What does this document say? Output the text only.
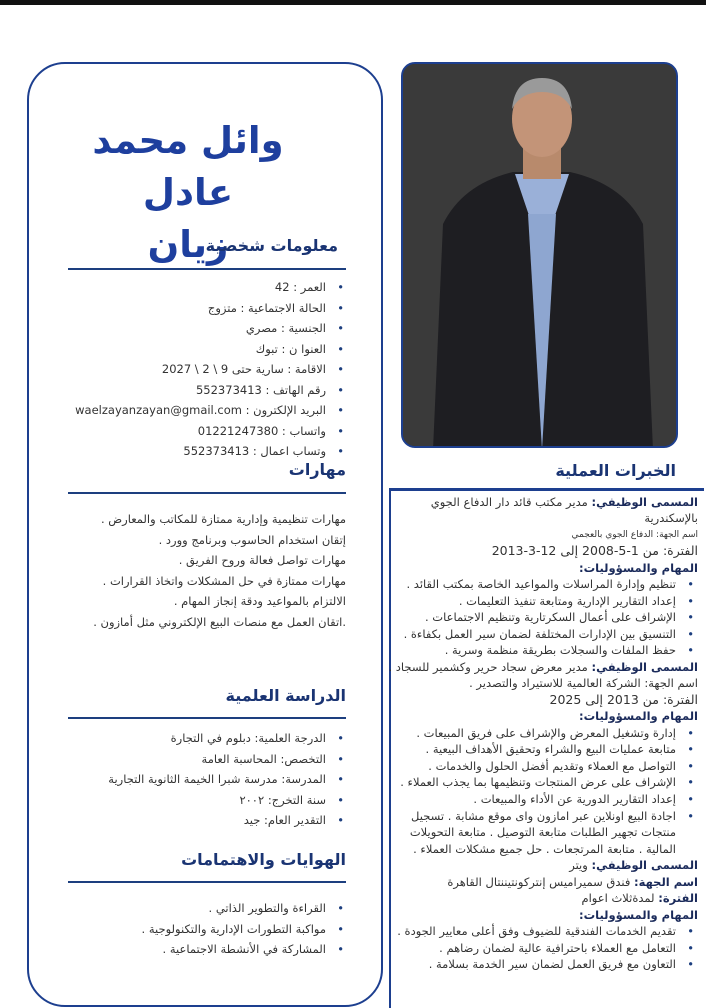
وائل محمد عادل
زيان
معلومات شخصية
• العمر : 42
• الحالة الاجتماعية : متزوج
• الجنسية : مصري
• العنوا ن : تبوك
• الاقامة : سارية حتى 9 \ 2 \ 2027
• رقم الهاتف : 552373413
• البريد الإلكترون : waelzayanzayan@gmail.com
• واتساب : 01221247380
• وتساب اعمال : 552373413
مهارات
• مهارات تنظيمية وإدارية ممتازة للمكاتب والمعارض .
• إتقان استخدام الحاسوب وبرنامج وورد .
• مهارات تواصل فعالة وروح الفريق .
• مهارات ممتازة في حل المشكلات واتخاذ القرارات .
• الالتزام بالمواعيد ودقة إنجاز المهام .
• .اتقان العمل مع منصات البيع الإلكتروني مثل أمازون .
الدراسة العلمية
• الدرجة العلمية: دبلوم في التجارة
• التخصص: المحاسبة العامة
• المدرسة: مدرسة شبرا الخيمة الثانوية التجارية
• سنة التخرج: ٢٠٠٢
• التقدير العام: جيد
الهوايات والاهتمامات
• القراءة والتطوير الذاتي .
• مواكبة التطورات الإدارية والتكنولوجية .
• المشاركة في الأنشطة الاجتماعية .
الخبرات العملية
المسمى الوظيفي: مدير مكتب قائد دار الدفاع الجوي بالإسكندرية
اسم الجهة: الدفاع الجوي بالعجمي
الفترة: من 1-5-2008 إلى 12-3-2013
المهام والمسؤوليات:
• تنظيم وإدارة المراسلات والمواعيد الخاصة بمكتب القائد .
• إعداد التقارير الإدارية ومتابعة تنفيذ التعليمات .
• الإشراف على أعمال السكرتارية وتنظيم الاجتماعات .
• التنسيق بين الإدارات المختلفة لضمان سير العمل بكفاءة .
• حفظ الملفات والسجلات بطريقة منظمة وسرية .
المسمى الوظيفي: مدير معرض سجاد حرير وكشمير للسجاد .
اسم الجهة: الشركة العالمية للاستيراد والتصدير .
الفترة: من 2013 إلى 2025
المهام والمسؤوليات:
• إدارة وتشغيل المعرض والإشراف على فريق المبيعات .
• متابعة عمليات البيع والشراء وتحقيق الأهداف البيعية .
• التواصل مع العملاء وتقديم أفضل الحلول والخدمات .
• الإشراف على عرض المنتجات وتنظيمها بما يجذب العملاء .
• إعداد التقارير الدورية عن الأداء والمبيعات .
• اجادة البيع اونلاين عبر امازون واى موقع مشابة . تسجيل منتجات تجهير الطلبات متابعة التوصيل . متابعة التحويلات المالية . متابعة المرتجعات . حل جميع مشكلات العملاء .
المسمى الوظيفي: ويتر
اسم الجهة: فندق سميراميس إنتركونتيننتال القاهرة
الفترة: لمدةثلاث اعوام
المهام والمسؤوليات:
• تقديم الخدمات الفندقية للضيوف وفق أعلى معايير الجودة .
• التعامل مع العملاء باحترافية عالية لضمان رضاهم .
• التعاون مع فريق العمل لضمان سير الخدمة بسلامة .
